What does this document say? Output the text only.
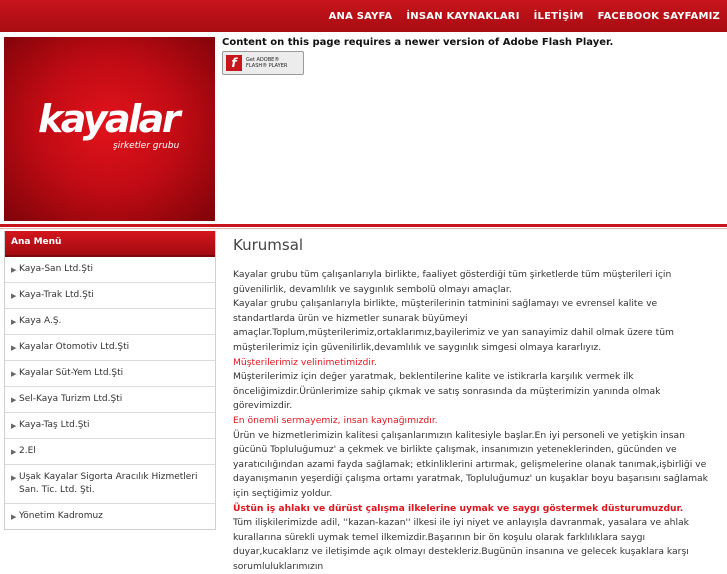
ANA SAYFA	İNSAN KAYNAKLARI	İLETİŞİM	FACEBOOK SAYFAMIZ
kayalar
şirketler grubu
Content on this page requires a newer version of Adobe Flash Player.
f	Get ADOBE®
FLASH® PLAYER
Ana Menü
▶ Kaya-San Ltd.Şti
▶ Kaya-Trak Ltd.Şti
▶ Kaya A.Ş.
▶ Kayalar Otomotiv Ltd.Şti
▶ Kayalar Süt-Yem Ltd.Şti
▶ Sel-Kaya Turizm Ltd.Şti
▶ Kaya-Taş Ltd.Şti
▶ 2.El
▶ Uşak Kayalar Sigorta Aracılık Hizmetleri San. Tic. Ltd. Şti.
▶ Yönetim Kadromuz
Kurumsal

Kayalar grubu tüm çalışanlarıyla birlikte, faaliyet gösterdiği tüm şirketlerde tüm müşterileri için güvenilirlik, devamlılık ve saygınlık sembolü olmayı amaçlar.

Kayalar grubu çalışanlarıyla birlikte, müşterilerinin tatminini sağlamayı ve evrensel kalite ve standartlarda ürün ve hizmetler sunarak büyümeyi amaçlar.Toplum,müşterilerimiz,ortaklarımız,bayilerimiz ve yan sanayimiz dahil olmak üzere tüm müşterilerimiz için güvenilirlik,devamlılık ve saygınlık simgesi olmaya kararlıyız.

Müşterilerimiz velinimetimizdir.

Müşterilerimiz için değer yaratmak, beklentilerine kalite ve istikrarla karşılık vermek ilk önceliğimizdir.Ürünlerimize sahip çıkmak ve satış sonrasında da müşterimizin yanında olmak görevimizdir.

En önemli sermayemiz, insan kaynağımızdır.

Ürün ve hizmetlerimizin kalitesi çalışanlarımızın kalitesiyle başlar.En iyi personeli ve yetişkin insan gücünü Topluluğumuz' a çekmek ve birlikte çalışmak, insanımızın yeteneklerinden, gücünden ve yaratıcılığından azami fayda sağlamak; etkinliklerini artırmak, gelişmelerine olanak tanımak,işbirliği ve dayanışmanın yeşerdiği çalışma ortamı yaratmak, Topluluğumuz' un kuşaklar boyu başarısını sağlamak için seçtiğimiz yoldur.

Üstün iş ahlakı ve dürüst çalışma ilkelerine uymak ve saygı göstermek düsturumuzdur.

Tüm ilişkilerimizde adil, ''kazan-kazan'' ilkesi ile iyi niyet ve anlayışla davranmak, yasalara ve ahlak kurallarına sürekli uymak temel ilkemizdir.Başarının bir ön koşulu olarak farklılıklara saygı duyar,kucaklarız ve iletişimde açık olmayı destekleriz.Bugünün insanına ve gelecek kuşaklara karşı sorumluluklarımızın
